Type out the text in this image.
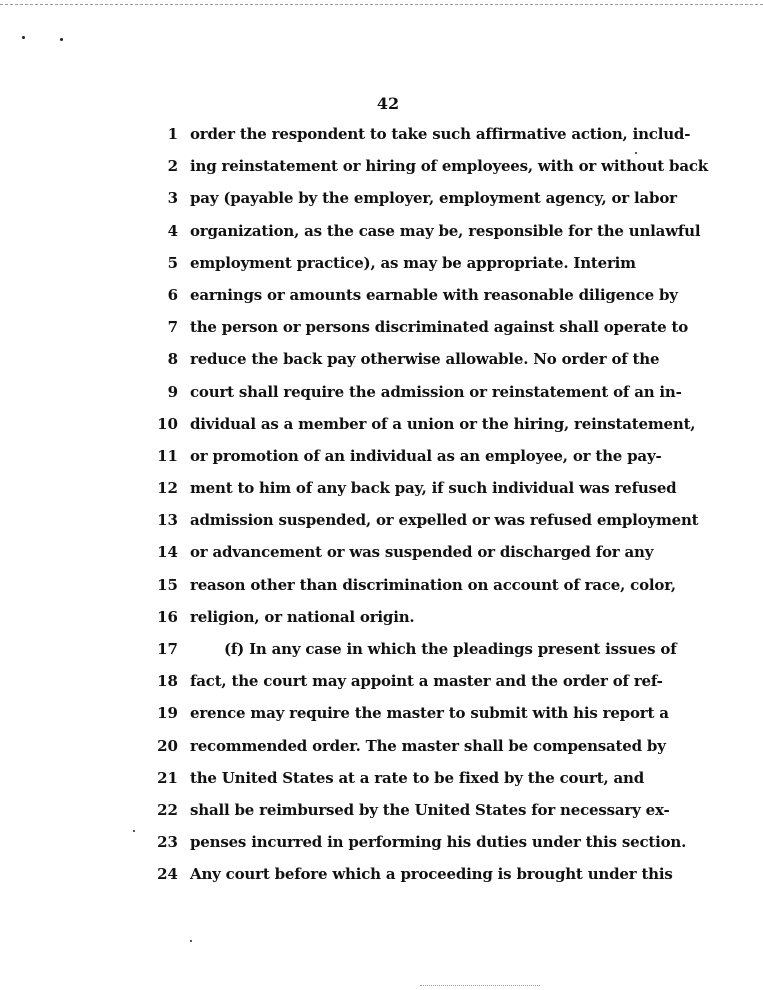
42
1 order the respondent to take such affirmative action, includ-
2 ing reinstatement or hiring of employees, with or without back
3 pay (payable by the employer, employment agency, or labor
4 organization, as the case may be, responsible for the unlawful
5 employment practice), as may be appropriate. Interim
6 earnings or amounts earnable with reasonable diligence by
7 the person or persons discriminated against shall operate to
8 reduce the back pay otherwise allowable. No order of the
9 court shall require the admission or reinstatement of an in-
10 dividual as a member of a union or the hiring, reinstatement,
11 or promotion of an individual as an employee, or the pay-
12 ment to him of any back pay, if such individual was refused
13 admission suspended, or expelled or was refused employment
14 or advancement or was suspended or discharged for any
15 reason other than discrimination on account of race, color,
16 religion, or national origin.
17	(f) In any case in which the pleadings present issues of
18 fact, the court may appoint a master and the order of ref-
19 erence may require the master to submit with his report a
20 recommended order. The master shall be compensated by
21 the United States at a rate to be fixed by the court, and
22 shall be reimbursed by the United States for necessary ex-
23 penses incurred in performing his duties under this section.
24 Any court before which a proceeding is brought under this
